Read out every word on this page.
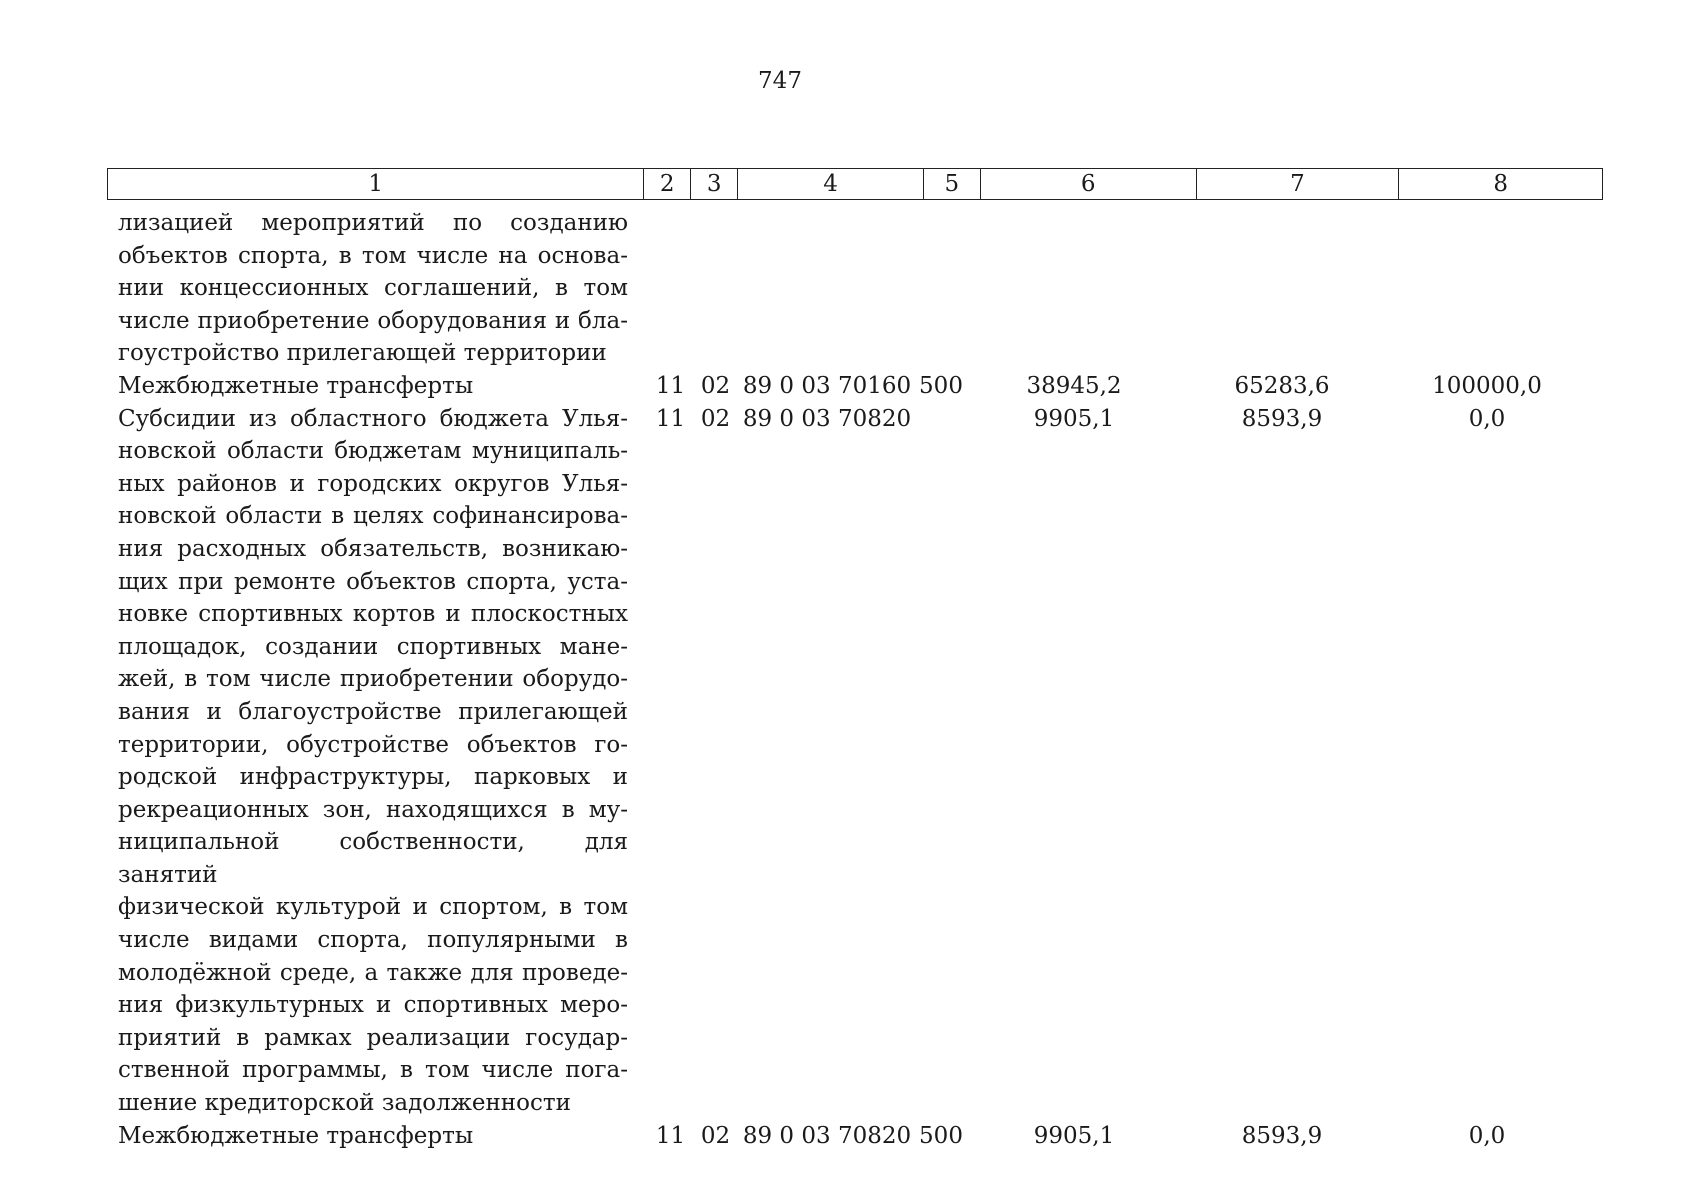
747
1	2	3	4	5	6	7	8
лизацией мероприятий по созданию
объектов спорта, в том числе на основа-
нии концессионных соглашений, в том
числе приобретение оборудования и бла-
гоустройство прилегающей территории
Межбюджетные трансферты	11 02 89 0 03 70160 500	38945,2	65283,6	100000,0
Субсидии из областного бюджета Улья-
новской области бюджетам муниципаль-
ных районов и городских округов Улья-
новской области в целях софинансирова-
ния расходных обязательств, возникаю-
щих при ремонте объектов спорта, уста-
новке спортивных кортов и плоскостных
площадок, создании спортивных мане-
жей, в том числе приобретении оборудо-
вания и благоустройстве прилегающей
территории, обустройстве объектов го-
родской инфраструктуры, парковых и
рекреационных зон, находящихся в му-
ниципальной собственности, для занятий
физической культурой и спортом, в том
числе видами спорта, популярными в
молодёжной среде, а также для проведе-
ния физкультурных и спортивных меро-
приятий в рамках реализации государ-
ственной программы, в том числе пога-
шение кредиторской задолженности
11 02 89 0 03 70820	9905,1	8593,9	0,0
Межбюджетные трансферты	11 02 89 0 03 70820 500	9905,1	8593,9	0,0
